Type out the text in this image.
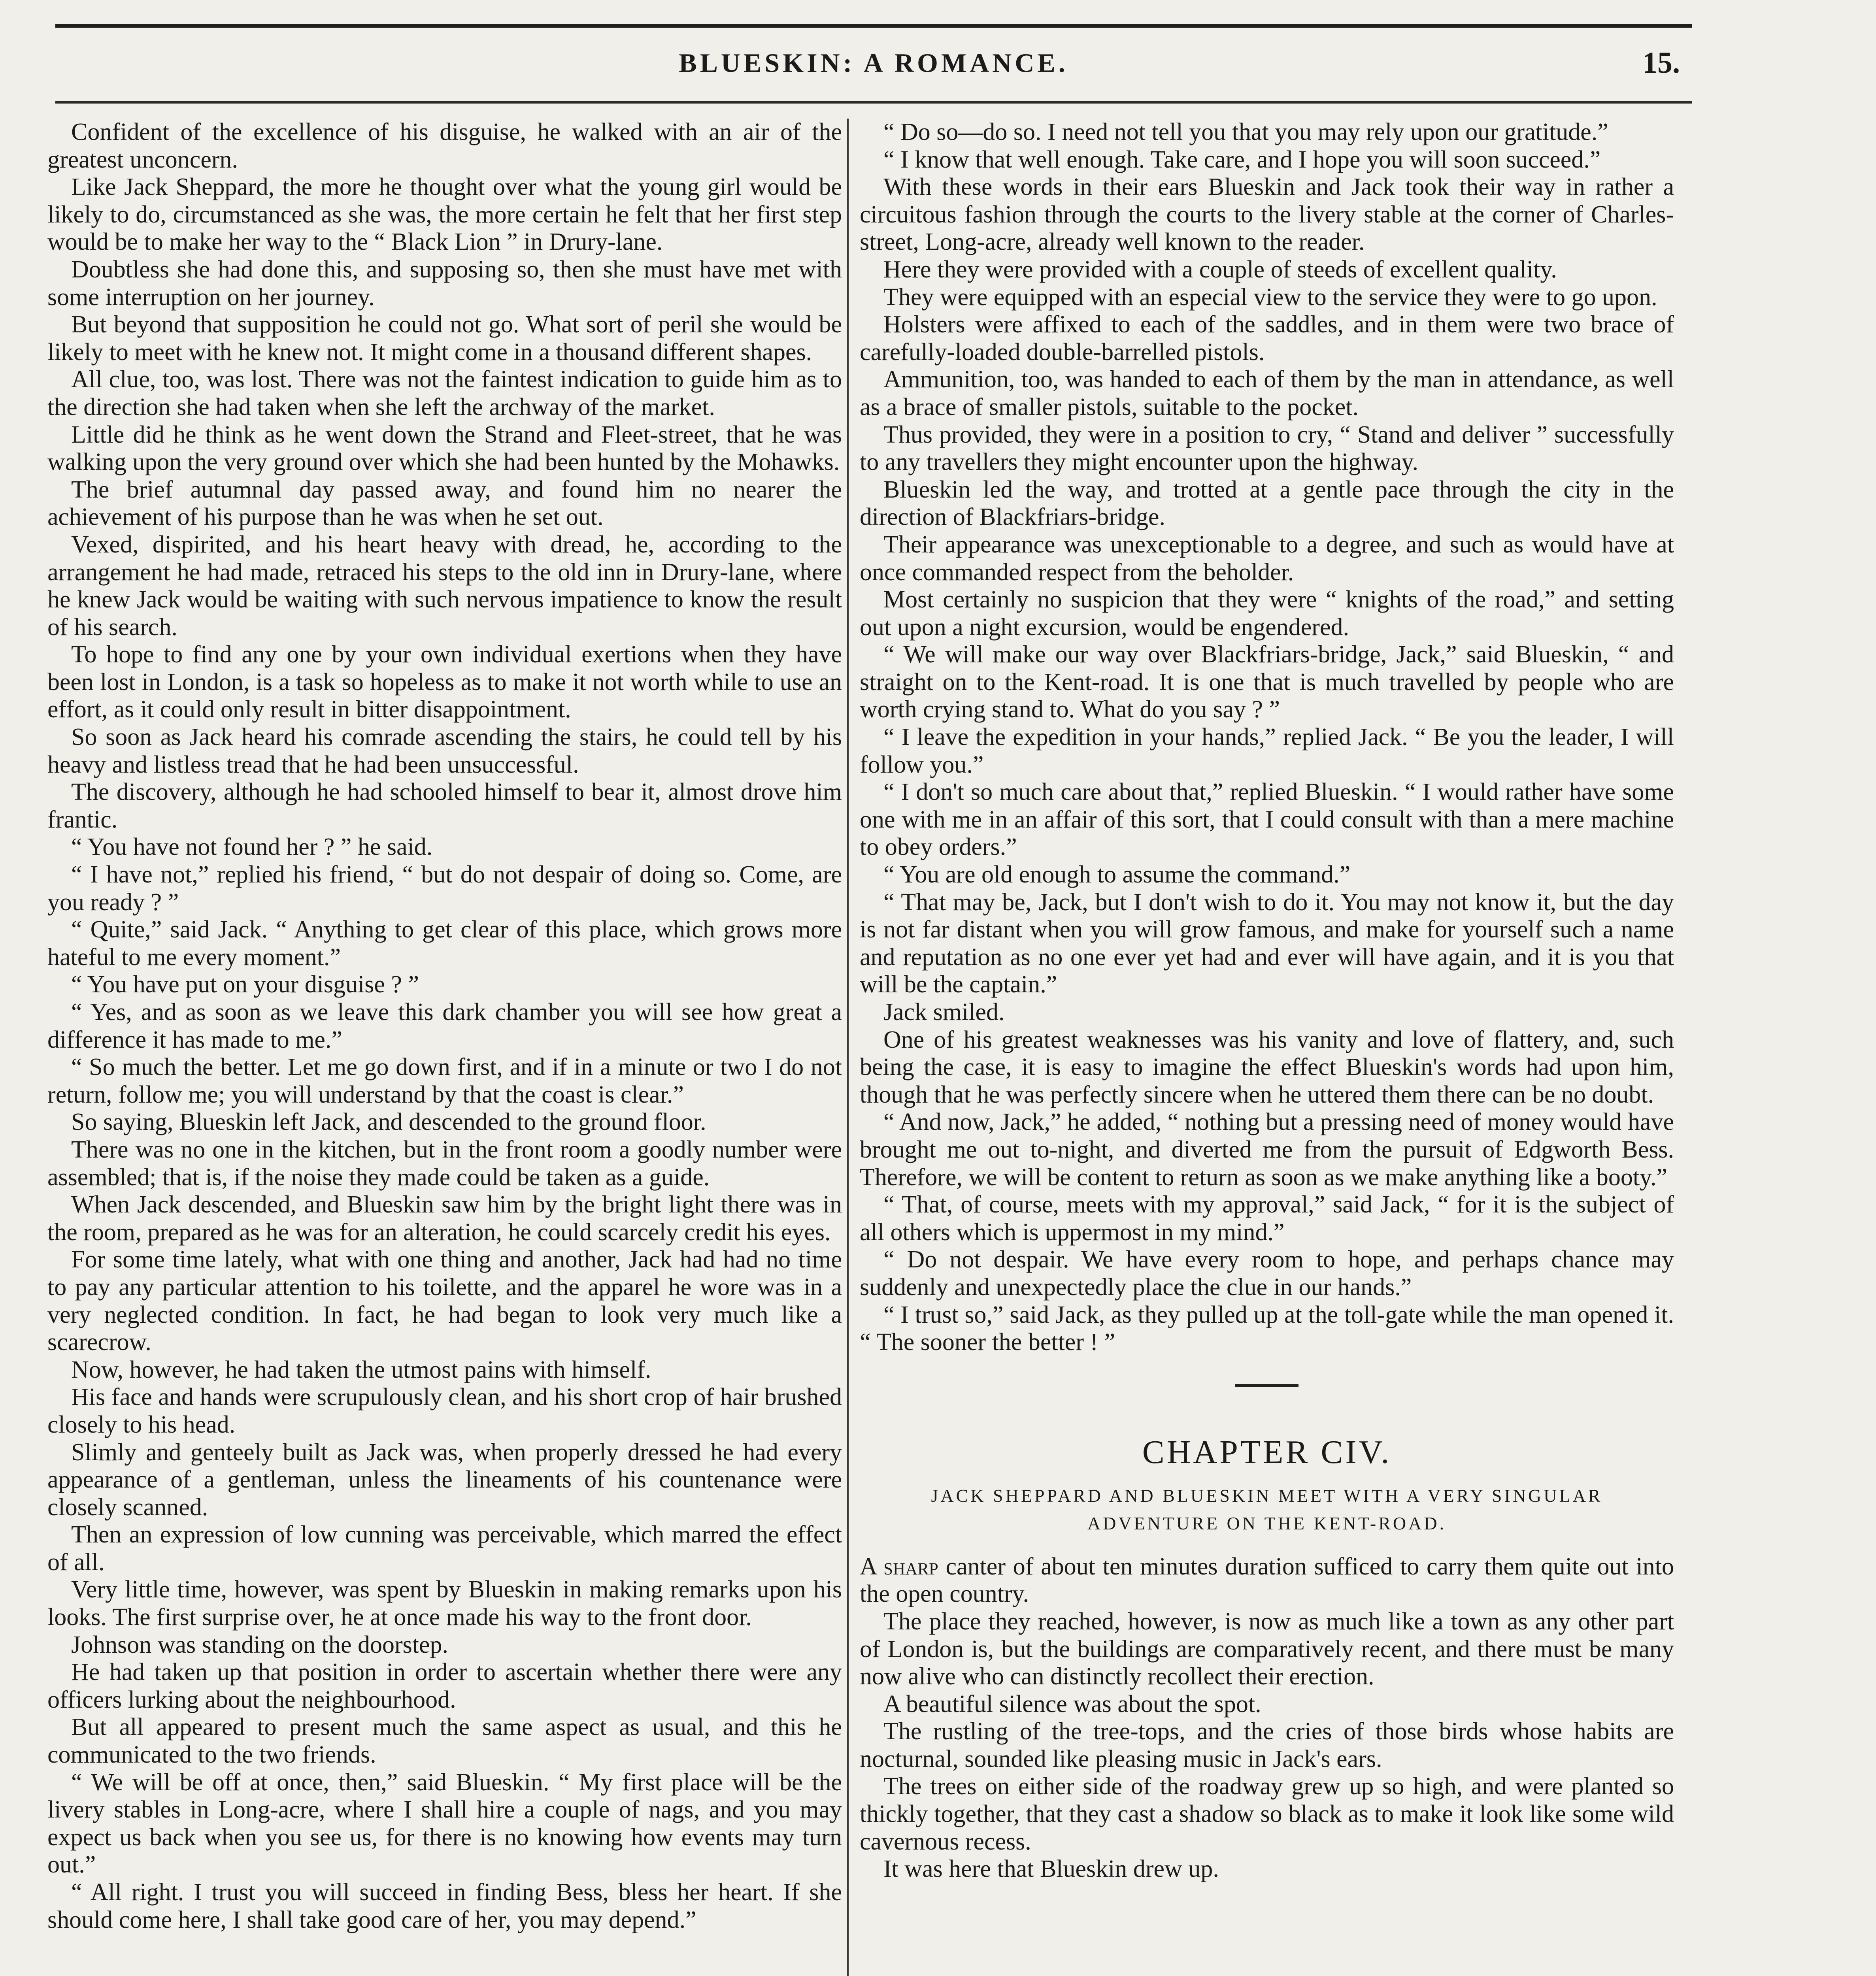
BLUESKIN: A ROMANCE.	15.

Confident of the excellence of his disguise, he walked with an air of the greatest unconcern.

Like Jack Sheppard, the more he thought over what the young girl would be likely to do, circumstanced as she was, the more certain he felt that her first step would be to make her way to the “ Black Lion ” in Drury-lane.

Doubtless she had done this, and supposing so, then she must have met with some interruption on her journey.

But beyond that supposition he could not go. What sort of peril she would be likely to meet with he knew not. It might come in a thousand different shapes.

All clue, too, was lost. There was not the faintest indication to guide him as to the direction she had taken when she left the archway of the market.

Little did he think as he went down the Strand and Fleet-street, that he was walking upon the very ground over which she had been hunted by the Mohawks.

The brief autumnal day passed away, and found him no nearer the achievement of his purpose than he was when he set out.

Vexed, dispirited, and his heart heavy with dread, he, according to the arrangement he had made, retraced his steps to the old inn in Drury-lane, where he knew Jack would be waiting with such nervous impatience to know the result of his search.

To hope to find any one by your own individual exertions when they have been lost in London, is a task so hopeless as to make it not worth while to use an effort, as it could only result in bitter disappointment.

So soon as Jack heard his comrade ascending the stairs, he could tell by his heavy and listless tread that he had been unsuccessful.

The discovery, although he had schooled himself to bear it, almost drove him frantic.

“ You have not found her ? ” he said.

“ I have not,” replied his friend, “ but do not despair of doing so. Come, are you ready ? ”

“ Quite,” said Jack. “ Anything to get clear of this place, which grows more hateful to me every moment.”

“ You have put on your disguise ? ”

“ Yes, and as soon as we leave this dark chamber you will see how great a difference it has made to me.”

“ So much the better. Let me go down first, and if in a minute or two I do not return, follow me; you will understand by that the coast is clear.”

So saying, Blueskin left Jack, and descended to the ground floor.

There was no one in the kitchen, but in the front room a goodly number were assembled; that is, if the noise they made could be taken as a guide.

When Jack descended, and Blueskin saw him by the bright light there was in the room, prepared as he was for an alteration, he could scarcely credit his eyes.

For some time lately, what with one thing and another, Jack had had no time to pay any particular attention to his toilette, and the apparel he wore was in a very neglected condition. In fact, he had began to look very much like a scarecrow.

Now, however, he had taken the utmost pains with himself.

His face and hands were scrupulously clean, and his short crop of hair brushed closely to his head.

Slimly and genteely built as Jack was, when properly dressed he had every appearance of a gentleman, unless the lineaments of his countenance were closely scanned.

Then an expression of low cunning was perceivable, which marred the effect of all.

Very little time, however, was spent by Blueskin in making remarks upon his looks. The first surprise over, he at once made his way to the front door.

Johnson was standing on the doorstep.

He had taken up that position in order to ascertain whether there were any officers lurking about the neighbourhood.

But all appeared to present much the same aspect as usual, and this he communicated to the two friends.

“ We will be off at once, then,” said Blueskin. “ My first place will be the livery stables in Long-acre, where I shall hire a couple of nags, and you may expect us back when you see us, for there is no knowing how events may turn out.”

“ All right. I trust you will succeed in finding Bess, bless her heart. If she should come here, I shall take good care of her, you may depend.”

“ Do so—do so. I need not tell you that you may rely upon our gratitude.”

“ I know that well enough. Take care, and I hope you will soon succeed.”

With these words in their ears Blueskin and Jack took their way in rather a circuitous fashion through the courts to the livery stable at the corner of Charles-street, Long-acre, already well known to the reader.

Here they were provided with a couple of steeds of excellent quality.

They were equipped with an especial view to the service they were to go upon.

Holsters were affixed to each of the saddles, and in them were two brace of carefully-loaded double-barrelled pistols.

Ammunition, too, was handed to each of them by the man in attendance, as well as a brace of smaller pistols, suitable to the pocket.

Thus provided, they were in a position to cry, “ Stand and deliver ” successfully to any travellers they might encounter upon the highway.

Blueskin led the way, and trotted at a gentle pace through the city in the direction of Blackfriars-bridge.

Their appearance was unexceptionable to a degree, and such as would have at once commanded respect from the beholder.

Most certainly no suspicion that they were “ knights of the road,” and setting out upon a night excursion, would be engendered.

“ We will make our way over Blackfriars-bridge, Jack,” said Blueskin, “ and straight on to the Kent-road. It is one that is much travelled by people who are worth crying stand to. What do you say ? ”

“ I leave the expedition in your hands,” replied Jack. “ Be you the leader, I will follow you.”

“ I don't so much care about that,” replied Blueskin. “ I would rather have some one with me in an affair of this sort, that I could consult with than a mere machine to obey orders.”

“ You are old enough to assume the command.”

“ That may be, Jack, but I don't wish to do it. You may not know it, but the day is not far distant when you will grow famous, and make for yourself such a name and reputation as no one ever yet had and ever will have again, and it is you that will be the captain.”

Jack smiled.

One of his greatest weaknesses was his vanity and love of flattery, and, such being the case, it is easy to imagine the effect Blueskin's words had upon him, though that he was perfectly sincere when he uttered them there can be no doubt.

“ And now, Jack,” he added, “ nothing but a pressing need of money would have brought me out to-night, and diverted me from the pursuit of Edgworth Bess. Therefore, we will be content to return as soon as we make anything like a booty.”

“ That, of course, meets with my approval,” said Jack, “ for it is the subject of all others which is uppermost in my mind.”

“ Do not despair. We have every room to hope, and perhaps chance may suddenly and unexpectedly place the clue in our hands.”

“ I trust so,” said Jack, as they pulled up at the toll-gate while the man opened it. “ The sooner the better ! ”

CHAPTER CIV.
JACK SHEPPARD AND BLUESKIN MEET WITH A VERY SINGULAR ADVENTURE ON THE KENT-ROAD.

A sharp canter of about ten minutes duration sufficed to carry them quite out into the open country.

The place they reached, however, is now as much like a town as any other part of London is, but the buildings are comparatively recent, and there must be many now alive who can distinctly recollect their erection.

A beautiful silence was about the spot.

The rustling of the tree-tops, and the cries of those birds whose habits are nocturnal, sounded like pleasing music in Jack's ears.

The trees on either side of the roadway grew up so high, and were planted so thickly together, that they cast a shadow so black as to make it look like some wild cavernous recess.

It was here that Blueskin drew up.
